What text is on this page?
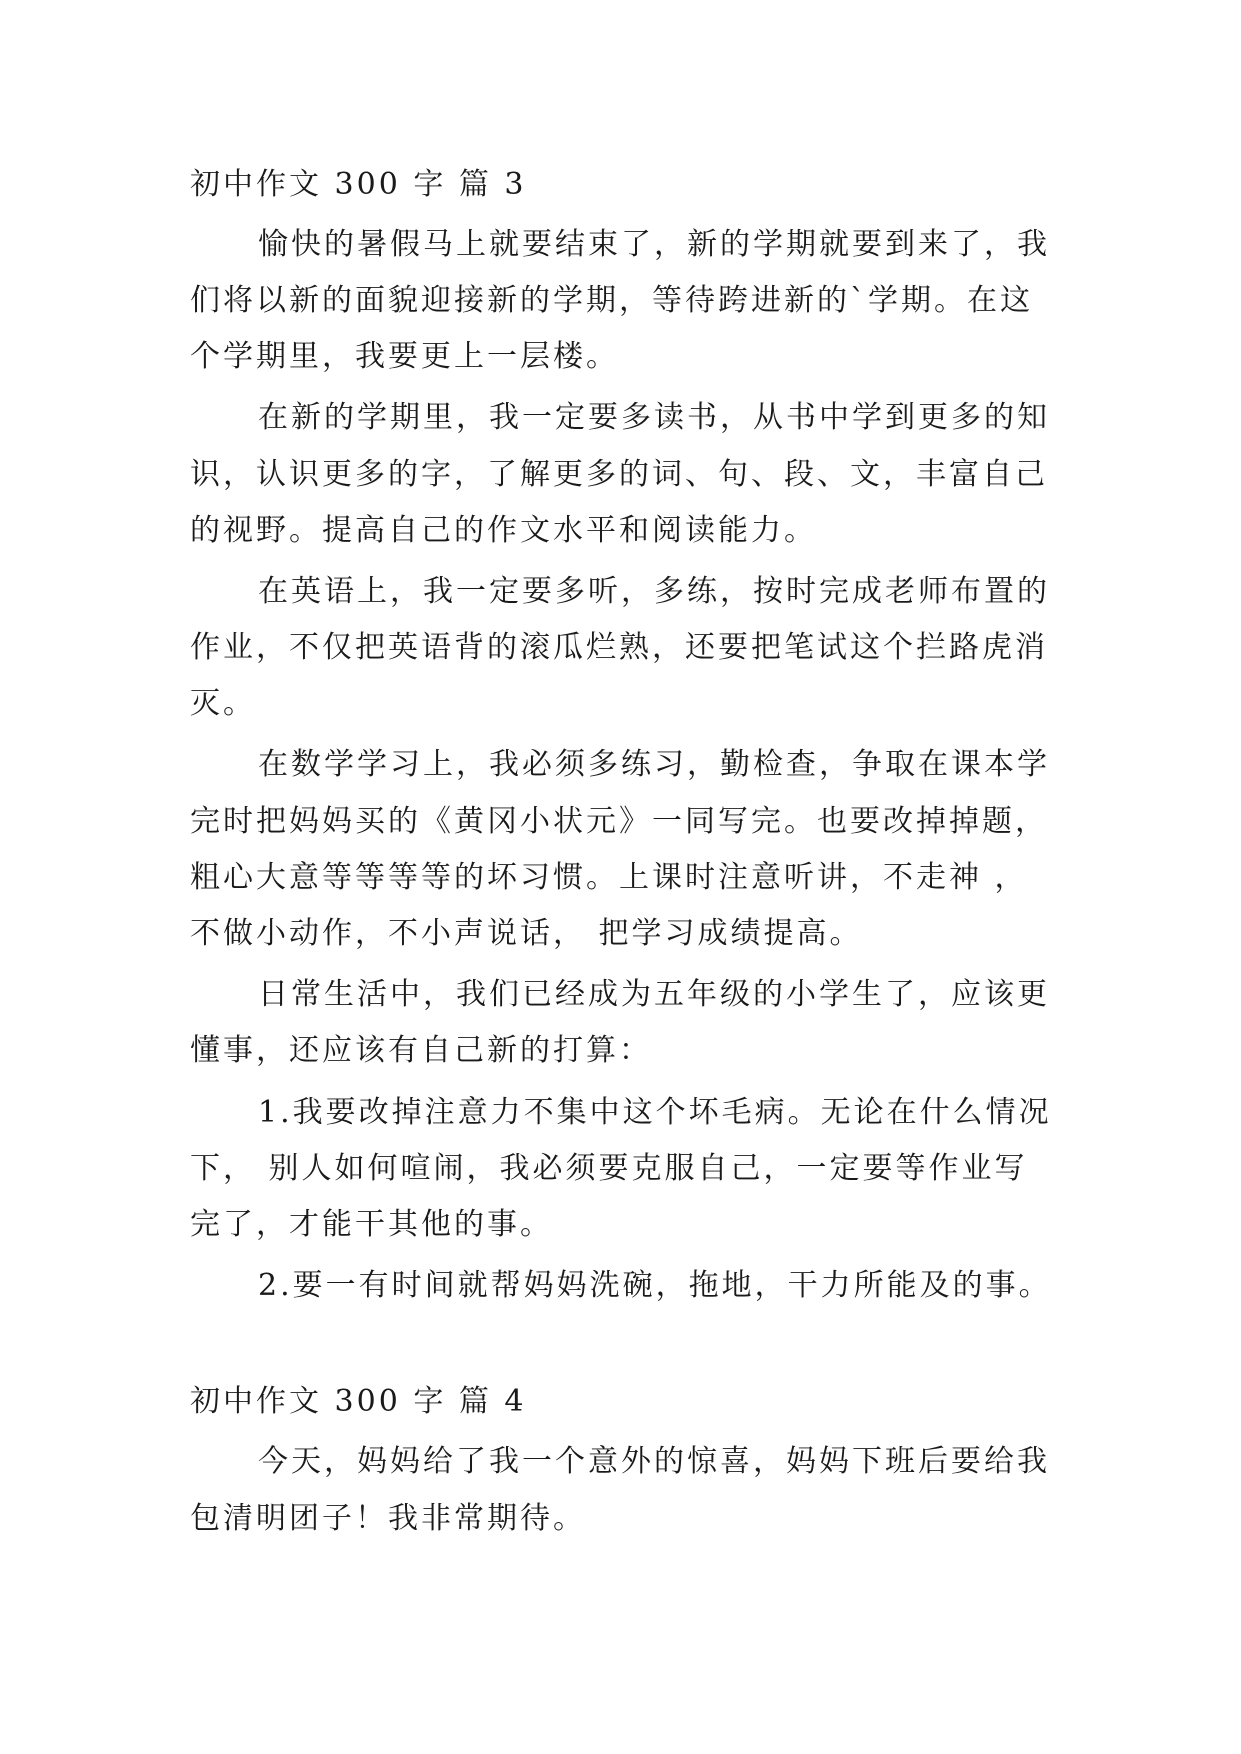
初中作文 300 字 篇 3
愉快的暑假马上就要结束了，新的学期就要到来了，我
们将以新的面貌迎接新的学期，等待跨进新的`学期。在这
个学期里，我要更上一层楼。
在新的学期里，我一定要多读书，从书中学到更多的知
识，认识更多的字，了解更多的词、句、段、文，丰富自己
的视野。提高自己的作文水平和阅读能力。
在英语上，我一定要多听，多练，按时完成老师布置的
作业，不仅把英语背的滚瓜烂熟，还要把笔试这个拦路虎消
灭。
在数学学习上，我必须多练习，勤检查，争取在课本学
完时把妈妈买的《黄冈小状元》一同写完。也要改掉掉题，
粗心大意等等等等的坏习惯。上课时注意听讲，不走神 ，
不做小动作，不小声说话， 把学习成绩提高。
日常生活中，我们已经成为五年级的小学生了，应该更
懂事，还应该有自己新的打算：
1.我要改掉注意力不集中这个坏毛病。无论在什么情况
下， 别人如何喧闹，我必须要克服自己，一定要等作业写
完了，才能干其他的事。
2.要一有时间就帮妈妈洗碗，拖地，干力所能及的事。
初中作文 300 字 篇 4
今天，妈妈给了我一个意外的惊喜，妈妈下班后要给我
包清明团子！我非常期待。
